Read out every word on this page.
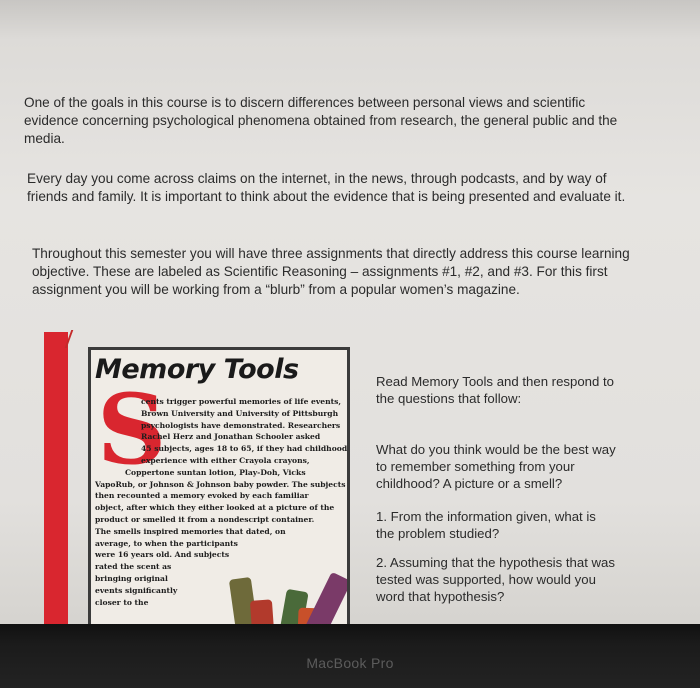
One of the goals in this course is to discern differences between personal views and scientific evidence concerning psychological phenomena obtained from research, the general public and the media.

Every day you come across claims on the internet, in the news, through podcasts, and by way of friends and family. It is important to think about the evidence that is being presented and evaluate it.

Throughout this semester you will have three assignments that directly address this course learning objective. These are labeled as Scientific Reasoning – assignments #1, #2, and #3. For this first assignment you will be working from a “blurb” from a popular women’s magazine.

Memory Tools
S
cents trigger powerful memories of life events,
Brown University and University of Pittsburgh
psychologists have demonstrated. Researchers
Rachel Herz and Jonathan Schooler asked
45 subjects, ages 18 to 65, if they had childhood
experience with either Crayola crayons,
Coppertone suntan lotion, Play-Doh, Vicks
VapoRub, or Johnson & Johnson baby powder. The subjects
then recounted a memory evoked by each familiar
object, after which they either looked at a picture of the
product or smelled it from a nondescript container.
The smells inspired memories that dated, on
average, to when the participants
were 16 years old. And subjects
rated the scent as
bringing original
events significantly
closer to the

Read Memory Tools and then respond to the questions that follow:

What do you think would be the best way to remember something from your childhood? A picture or a smell?

1. From the information given, what is the problem studied?

2. Assuming that the hypothesis that was tested was supported, how would you word that hypothesis?

MacBook Pro
